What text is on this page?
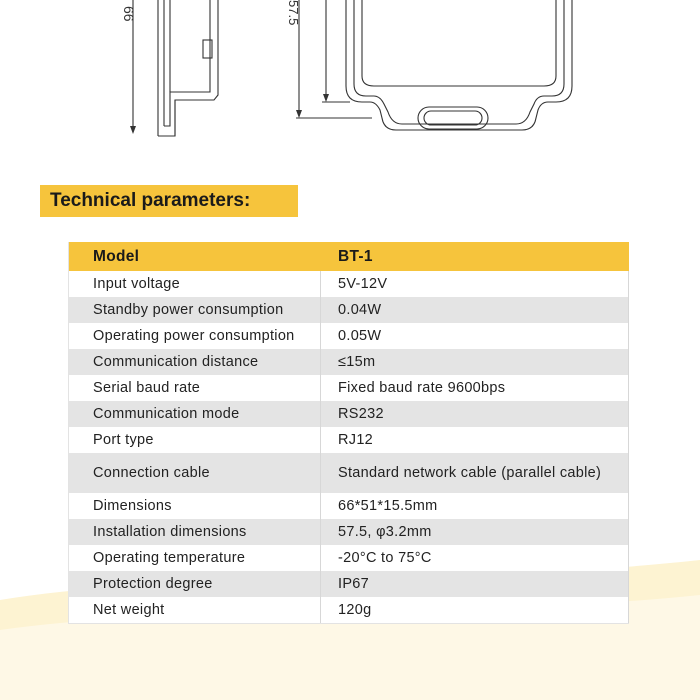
66	57.5
Technical parameters:
Model	BT-1
Input voltage	5V-12V
Standby power consumption	0.04W
Operating power consumption	0.05W
Communication distance	≤15m
Serial baud rate	Fixed baud rate 9600bps
Communication mode	RS232
Port type	RJ12
Connection cable	Standard network cable (parallel cable)
Dimensions	66*51*15.5mm
Installation dimensions	57.5, φ3.2mm
Operating temperature	-20°C to 75°C
Protection degree	IP67
Net weight	120g
